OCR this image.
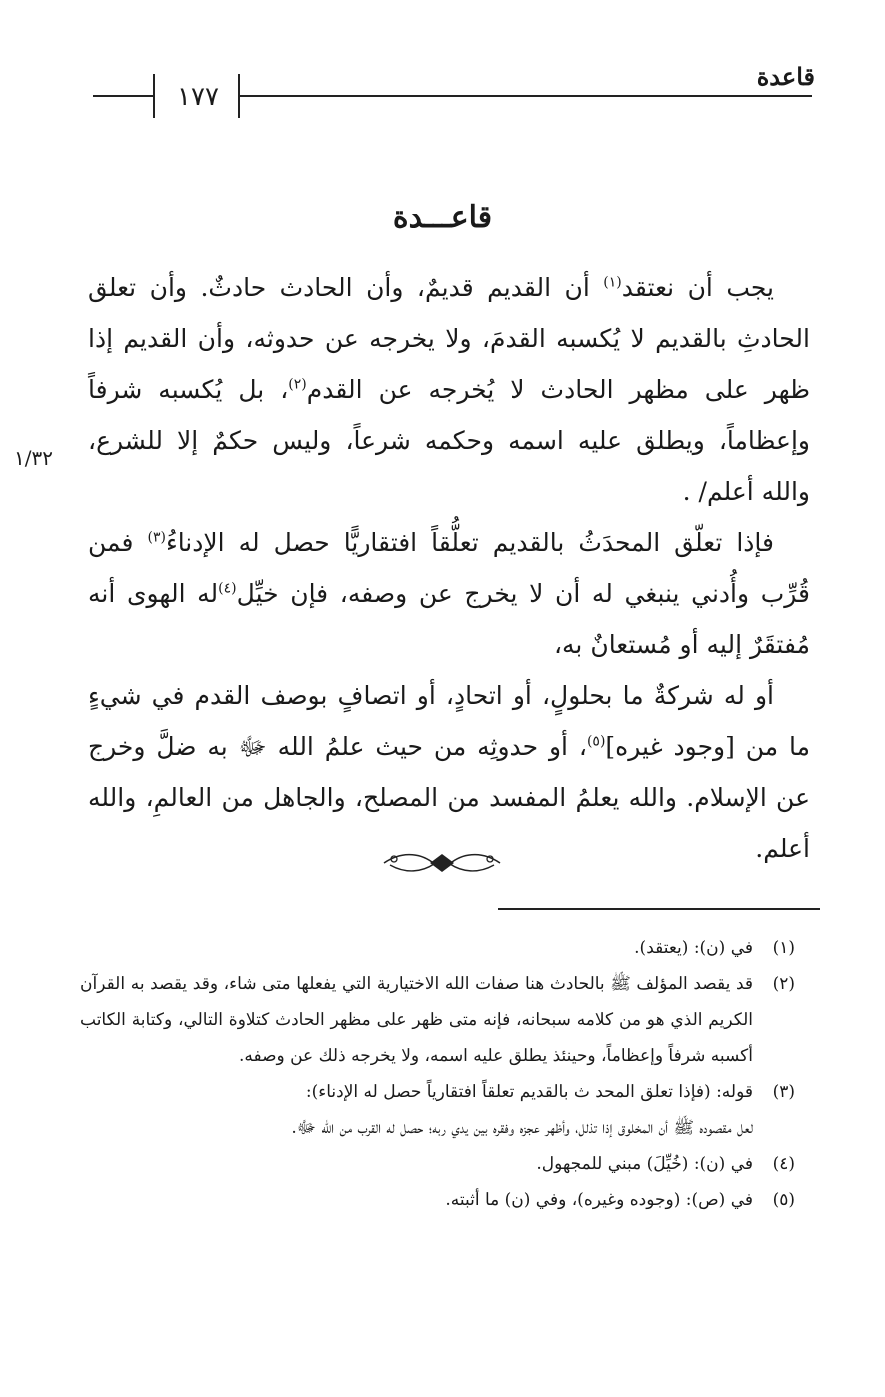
قاعدة
١٧٧
قاعـــدة
١/٣٢

يجب أن نعتقد$^{(١)}$ أن القديم قديمٌ، وأن الحادث حادثٌ. وأن تعلق الحادثِ بالقديم لا يُكسبه القدمَ، ولا يخرجه عن حدوثه، وأن القديم إذا ظهر على مظهر الحادث لا يُخرجه عن القدم$^{(٢)}$، بل يُكسبه شرفاً وإعظاماً، ويطلق عليه اسمه وحكمه شرعاً، وليس حكمٌ إلا للشرع، والله أعلم/ .

فإذا تعلّق المحدَثُ بالقديم تعلُّقاً افتقاريًّا حصل له الإدناءُ$^{(٣)}$ فمن قُرِّب وأُدني ينبغي له أن لا يخرج عن وصفه، فإن خيِّل$^{(٤)}$له الهوى أنه مُفتقَرٌ إليه أو مُستعانٌ به،

أو له شركةٌ ما بحلولٍ، أو اتحادٍ، أو اتصافٍ بوصف القدم في شيءٍ ما من [وجود غيره]$^{(٥)}$، أو حدوثِه من حيث علمُ الله ﷻ به ضلَّ وخرج عن الإسلام. والله يعلمُ المفسد من المصلح، والجاهل من العالمِ، والله أعلم.

(١)
في (ن): (يعتقد).
(٢)
قد يقصد المؤلف ﷺ بالحادث هنا صفات الله الاختيارية التي يفعلها متى شاء، وقد يقصد به القرآن الكريم الذي هو من كلامه سبحانه، فإنه متى ظهر على مظهر الحادث كتلاوة التالي، وكتابة الكاتب أكسبه شرفاً وإعظاماً، وحينئذ يطلق عليه اسمه، ولا يخرجه ذلك عن وصفه.
(٣)
قوله: (فإذا تعلق المحد ث بالقديم تعلقاً افتقارياً حصل له الإدناء):
لعل مقصوده ﷺ أن المخلوق إذا تذلل، وأظهر عجزه وفقره بين يدي ربه؛ حصل له القرب من الله ﷻ.
(٤)
في (ن): (خُيِّلَ) مبني للمجهول.
(٥)
في (ص): (وجوده وغيره)، وفي (ن) ما أثبته.
